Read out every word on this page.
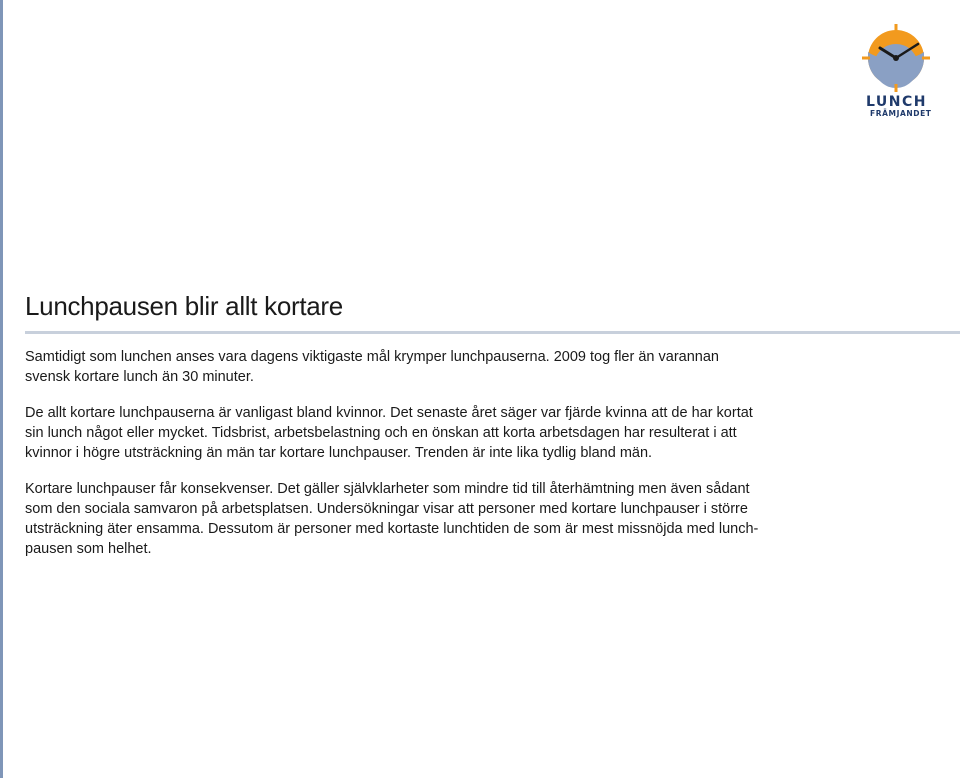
LUNCH
FRÄMJANDET
Lunchpausen blir allt kortare

Samtidigt som lunchen anses vara dagens viktigaste mål krymper lunchpauserna. 2009 tog fler än varannan
svensk kortare lunch än 30 minuter.

De allt kortare lunchpauserna är vanligast bland kvinnor. Det senaste året säger var fjärde kvinna att de har kortat
sin lunch något eller mycket. Tidsbrist, arbetsbelastning och en önskan att korta arbetsdagen har resulterat i att
kvinnor i högre utsträckning än män tar kortare lunchpauser. Trenden är inte lika tydlig bland män.

Kortare lunchpauser får konsekvenser. Det gäller självklarheter som mindre tid till återhämtning men även sådant
som den sociala samvaron på arbetsplatsen. Undersökningar visar att personer med kortare lunchpauser i större
utsträckning äter ensamma. Dessutom är personer med kortaste lunchtiden de som är mest missnöjda med lunch-
pausen som helhet.
